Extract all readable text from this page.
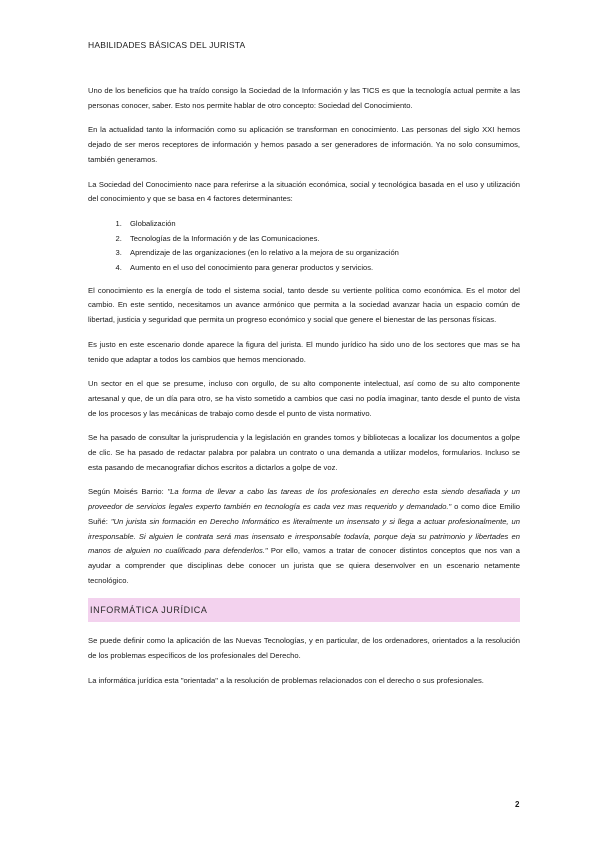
HABILIDADES BÁSICAS DEL JURISTA

Uno de los beneficios que ha traído consigo la Sociedad de la Información y las TICS es que la tecnología actual permite a las personas conocer, saber. Esto nos permite hablar de otro concepto: Sociedad del Conocimiento.

En la actualidad tanto la información como su aplicación se transforman en conocimiento. Las personas del siglo XXI hemos dejado de ser meros receptores de información y hemos pasado a ser generadores de información. Ya no solo consumimos, también generamos.

La Sociedad del Conocimiento nace para referirse a la situación económica, social y tecnológica basada en el uso y utilización del conocimiento y que se basa en 4 factores determinantes:

1. Globalización
2. Tecnologías de la Información y de las Comunicaciones.
3. Aprendizaje de las organizaciones (en lo relativo a la mejora de su organización
4. Aumento en el uso del conocimiento para generar productos y servicios.

El conocimiento es la energía de todo el sistema social, tanto desde su vertiente política como económica. Es el motor del cambio. En este sentido, necesitamos un avance armónico que permita a la sociedad avanzar hacia un espacio común de libertad, justicia y seguridad que permita un progreso económico y social que genere el bienestar de las personas físicas.

Es justo en este escenario donde aparece la figura del jurista. El mundo jurídico ha sido uno de los sectores que mas se ha tenido que adaptar a todos los cambios que hemos mencionado.

Un sector en el que se presume, incluso con orgullo, de su alto componente intelectual, así como de su alto componente artesanal y que, de un día para otro, se ha visto sometido a cambios que casi no podía imaginar, tanto desde el punto de vista de los procesos y las mecánicas de trabajo como desde el punto de vista normativo.

Se ha pasado de consultar la jurisprudencia y la legislación en grandes tomos y bibliotecas a localizar los documentos a golpe de clic. Se ha pasado de redactar palabra por palabra un contrato o una demanda a utilizar modelos, formularios. Incluso se esta pasando de mecanografiar dichos escritos a dictarlos a golpe de voz.

Según Moisés Barrio: "La forma de llevar a cabo las tareas de los profesionales en derecho esta siendo desafiada y un proveedor de servicios legales experto también en tecnología es cada vez mas requerido y demandado." o como dice Emilio Suñé: "Un jurista sin formación en Derecho Informático es literalmente un insensato y si llega a actuar profesionalmente, un irresponsable. Si alguien le contrata será mas insensato e irresponsable todavía, porque deja su patrimonio y libertades en manos de alguien no cualificado para defenderlos." Por ello, vamos a tratar de conocer distintos conceptos que nos van a ayudar a comprender que disciplinas debe conocer un jurista que se quiera desenvolver en un escenario netamente tecnológico.

INFORMÁTICA JURÍDICA

Se puede definir como la aplicación de las Nuevas Tecnologías, y en particular, de los ordenadores, orientados a la resolución de los problemas específicos de los profesionales del Derecho.

La informática jurídica esta "orientada" a la resolución de problemas relacionados con el derecho o sus profesionales.

2
